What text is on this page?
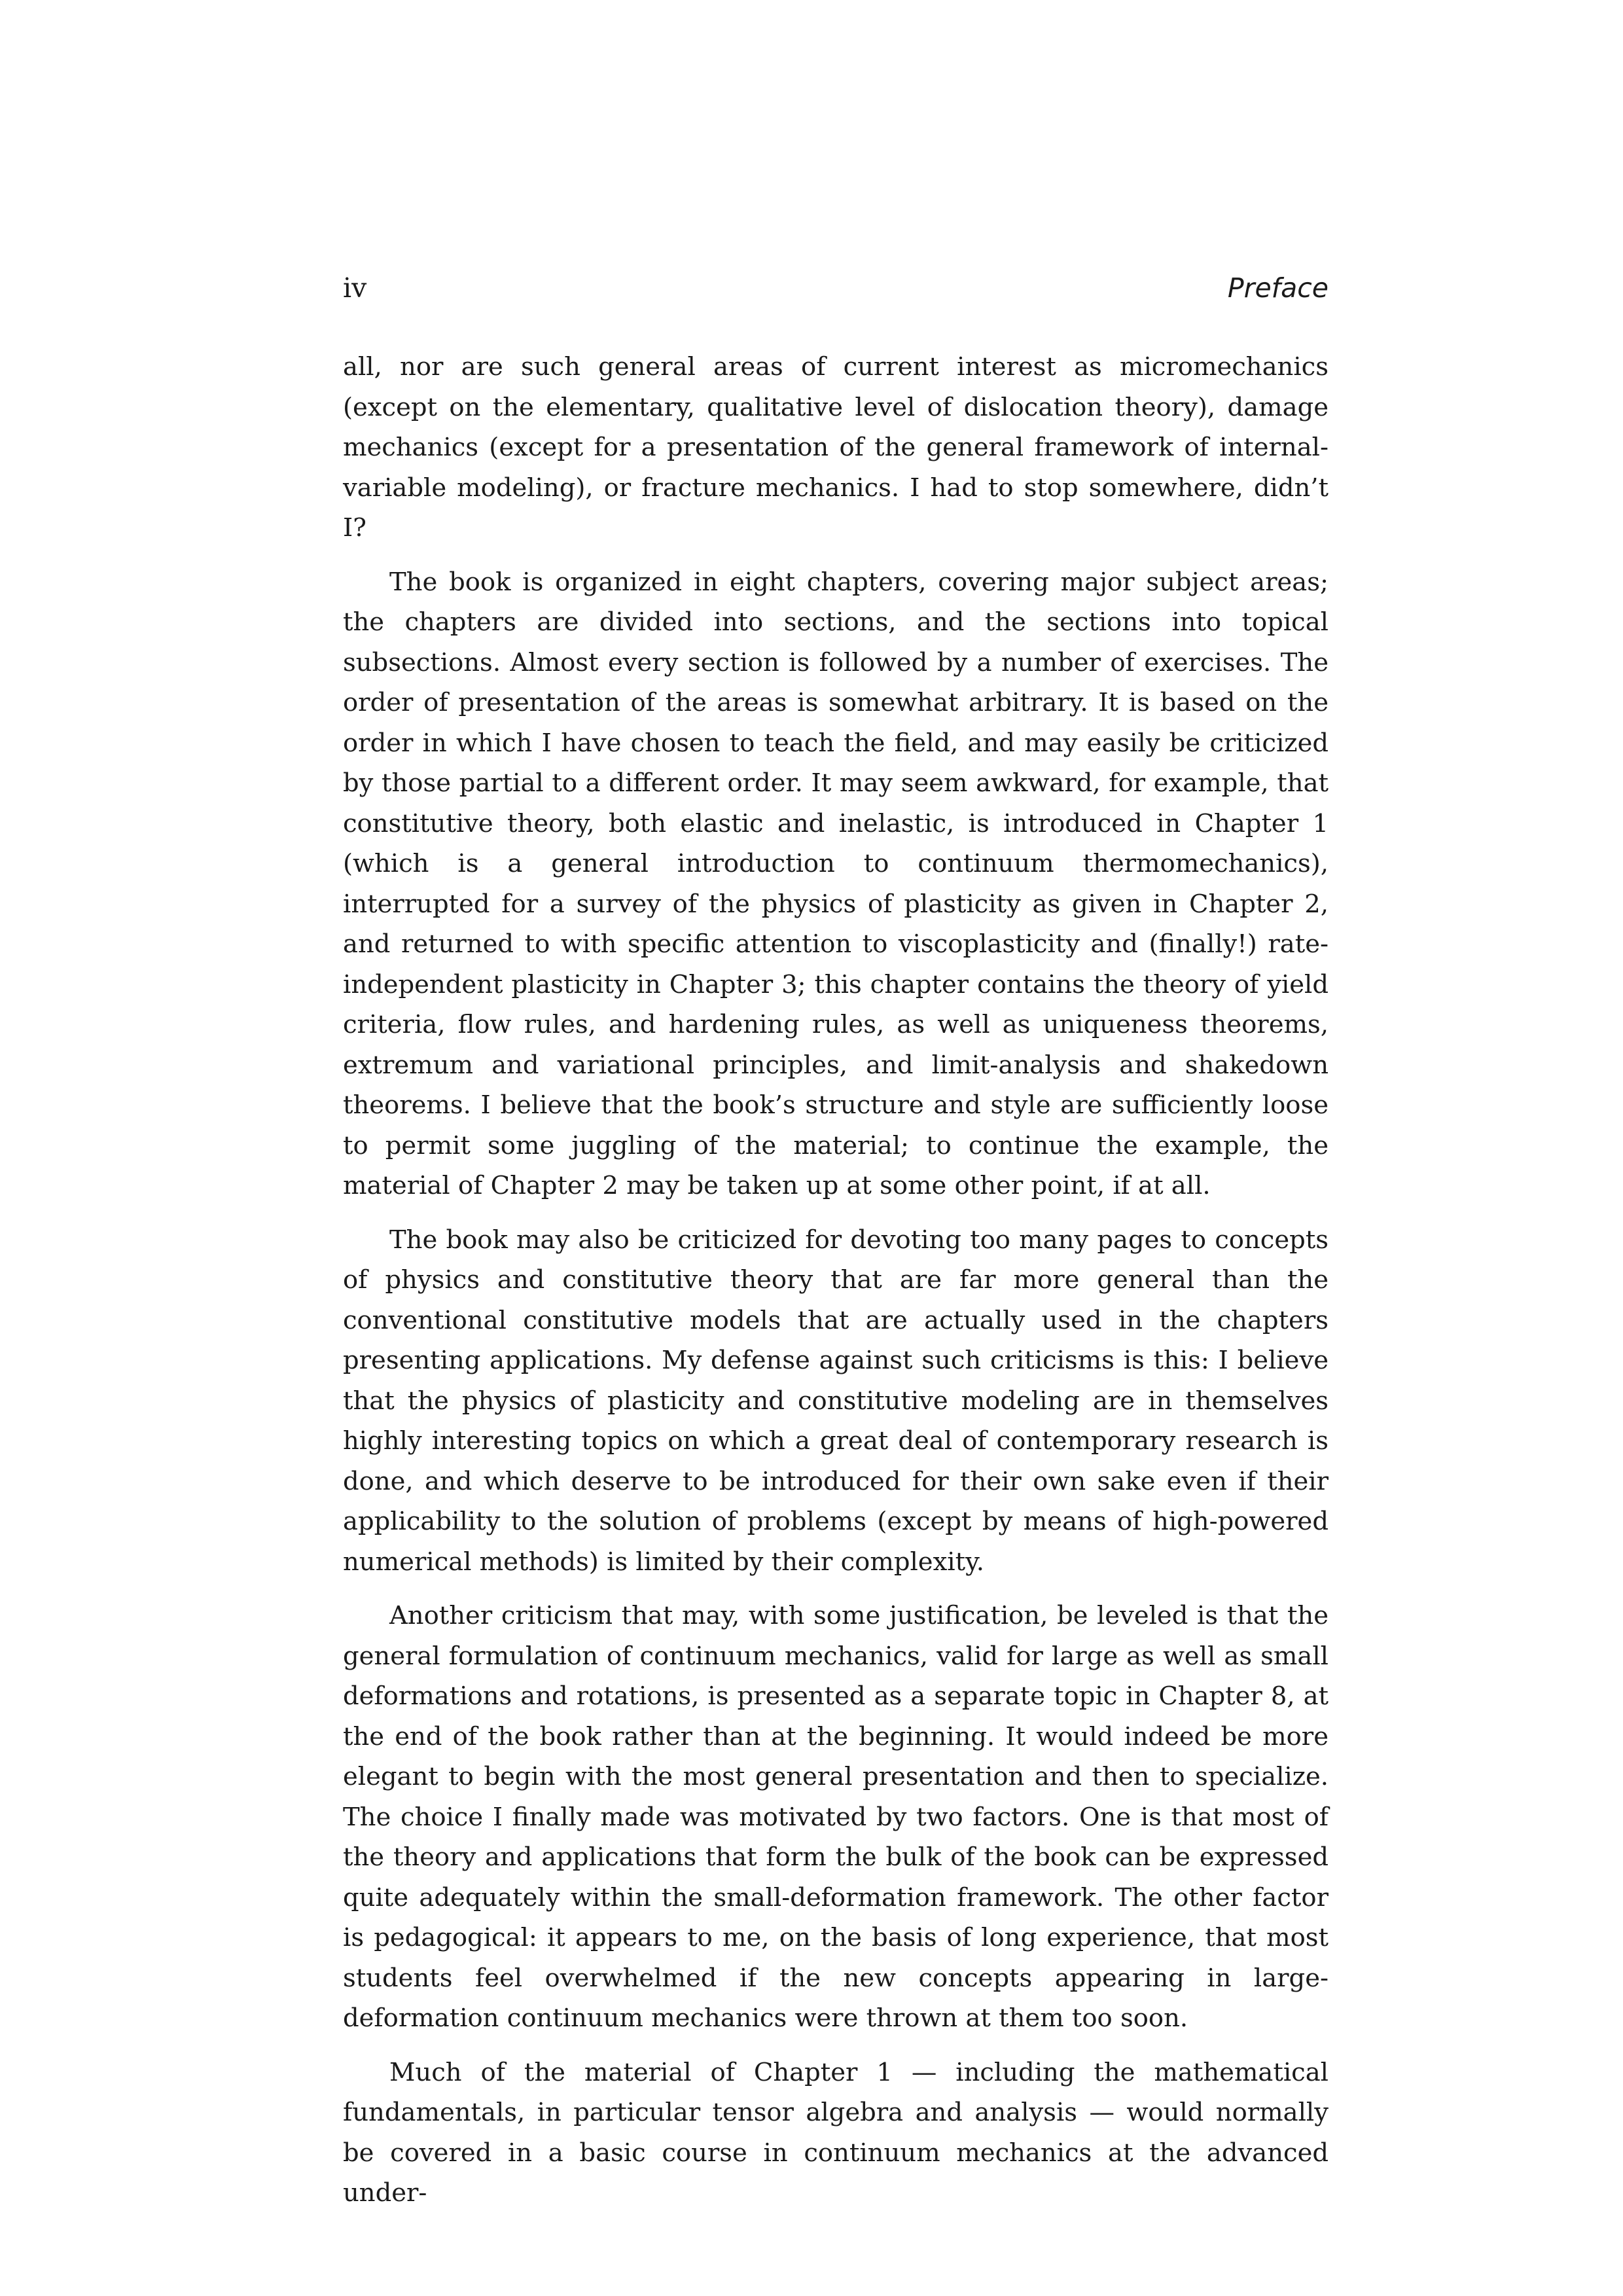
iv	Preface

all, nor are such general areas of current interest as micromechanics (except on the elementary, qualitative level of dislocation theory), damage mechanics (except for a presentation of the general framework of internal-variable modeling), or fracture mechanics. I had to stop somewhere, didn’t I?

The book is organized in eight chapters, covering major subject areas; the chapters are divided into sections, and the sections into topical subsections. Almost every section is followed by a number of exercises. The order of presentation of the areas is somewhat arbitrary. It is based on the order in which I have chosen to teach the field, and may easily be criticized by those partial to a different order. It may seem awkward, for example, that constitutive theory, both elastic and inelastic, is introduced in Chapter 1 (which is a general introduction to continuum thermomechanics), interrupted for a survey of the physics of plasticity as given in Chapter 2, and returned to with specific attention to viscoplasticity and (finally!) rate-independent plasticity in Chapter 3; this chapter contains the theory of yield criteria, flow rules, and hardening rules, as well as uniqueness theorems, extremum and variational principles, and limit-analysis and shakedown theorems. I believe that the book’s structure and style are sufficiently loose to permit some juggling of the material; to continue the example, the material of Chapter 2 may be taken up at some other point, if at all.

The book may also be criticized for devoting too many pages to concepts of physics and constitutive theory that are far more general than the conventional constitutive models that are actually used in the chapters presenting applications. My defense against such criticisms is this: I believe that the physics of plasticity and constitutive modeling are in themselves highly interesting topics on which a great deal of contemporary research is done, and which deserve to be introduced for their own sake even if their applicability to the solution of problems (except by means of high-powered numerical methods) is limited by their complexity.

Another criticism that may, with some justification, be leveled is that the general formulation of continuum mechanics, valid for large as well as small deformations and rotations, is presented as a separate topic in Chapter 8, at the end of the book rather than at the beginning. It would indeed be more elegant to begin with the most general presentation and then to specialize. The choice I finally made was motivated by two factors. One is that most of the theory and applications that form the bulk of the book can be expressed quite adequately within the small-deformation framework. The other factor is pedagogical: it appears to me, on the basis of long experience, that most students feel overwhelmed if the new concepts appearing in large-deformation continuum mechanics were thrown at them too soon.

Much of the material of Chapter 1 — including the mathematical fundamentals, in particular tensor algebra and analysis — would normally be covered in a basic course in continuum mechanics at the advanced under-
